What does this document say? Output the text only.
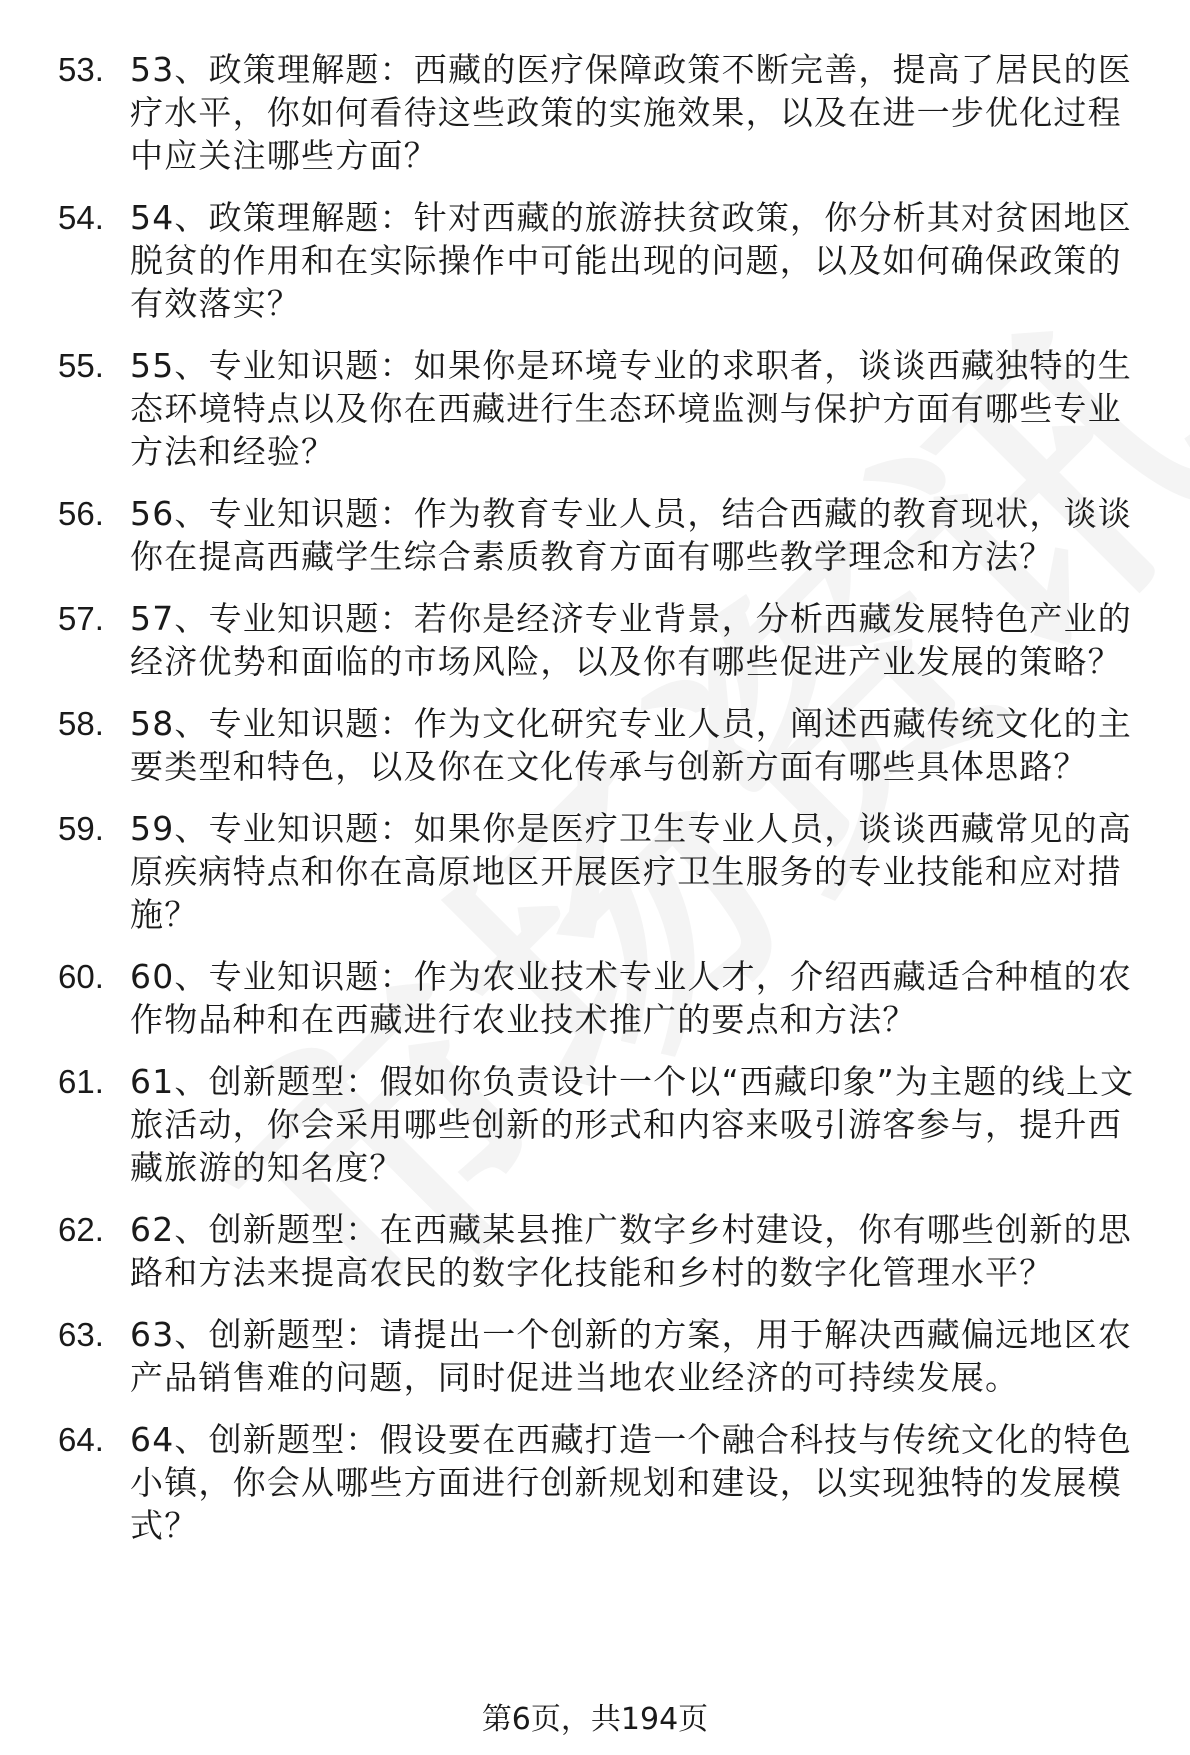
53. 53、政策理解题：西藏的医疗保障政策不断完善，提高了居民的医疗水平，你如何看待这些政策的实施效果，以及在进一步优化过程中应关注哪些方面？
54. 54、政策理解题：针对西藏的旅游扶贫政策，你分析其对贫困地区脱贫的作用和在实际操作中可能出现的问题，以及如何确保政策的有效落实？
55. 55、专业知识题：如果你是环境专业的求职者，谈谈西藏独特的生态环境特点以及你在西藏进行生态环境监测与保护方面有哪些专业方法和经验？
56. 56、专业知识题：作为教育专业人员，结合西藏的教育现状，谈谈你在提高西藏学生综合素质教育方面有哪些教学理念和方法？
57. 57、专业知识题：若你是经济专业背景，分析西藏发展特色产业的经济优势和面临的市场风险，以及你有哪些促进产业发展的策略？
58. 58、专业知识题：作为文化研究专业人员，阐述西藏传统文化的主要类型和特色，以及你在文化传承与创新方面有哪些具体思路？
59. 59、专业知识题：如果你是医疗卫生专业人员，谈谈西藏常见的高原疾病特点和你在高原地区开展医疗卫生服务的专业技能和应对措施？
60. 60、专业知识题：作为农业技术专业人才，介绍西藏适合种植的农作物品种和在西藏进行农业技术推广的要点和方法？
61. 61、创新题型：假如你负责设计一个以“西藏印象”为主题的线上文旅活动，你会采用哪些创新的形式和内容来吸引游客参与，提升西藏旅游的知名度？
62. 62、创新题型：在西藏某县推广数字乡村建设，你有哪些创新的思路和方法来提高农民的数字化技能和乡村的数字化管理水平？
63. 63、创新题型：请提出一个创新的方案，用于解决西藏偏远地区农产品销售难的问题，同时促进当地农业经济的可持续发展。
64. 64、创新题型：假设要在西藏打造一个融合科技与传统文化的特色小镇，你会从哪些方面进行创新规划和建设，以实现独特的发展模式？
第6页，共194页
